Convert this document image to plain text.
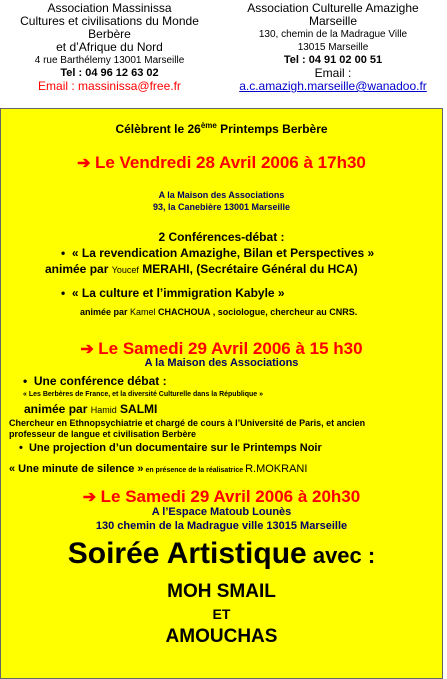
Association Massinissa
Cultures et civilisations du Monde
Berbère
et d’Afrique du Nord
4 rue Barthélemy 13001 Marseille
Tel : 04 96 12 63 02
Email : massinissa@free.fr
Association Culturelle Amazighe
Marseille
130, chemin de la Madrague Ville
13015 Marseille
Tel : 04 91 02 00 51
Email :
a.c.amazigh.marseille@wanadoo.fr
Célèbrent le 26ème Printemps Berbère
➔ Le Vendredi 28 Avril 2006 à 17h30
A la Maison des Associations
93, la Canebière 13001 Marseille
2 Conférences-débat :
• « La revendication Amazighe, Bilan et Perspectives »
animée par Youcef MERAHI, (Secrétaire Général du HCA)
• « La culture et l’immigration Kabyle »
animée par Kamel CHACHOUA , sociologue, chercheur au CNRS.
➔ Le Samedi 29 Avril 2006 à 15 h30
A la Maison des Associations
• Une conférence débat :
« Les Berbères de France, et la diversité Culturelle dans la République »
animée par Hamid SALMI
Chercheur en Ethnopsychiatrie et chargé de cours à l’Université de Paris, et ancien
professeur de langue et civilisation Berbère
• Une projection d’un documentaire sur le Printemps Noir
« Une minute de silence » en présence de la réalisatrice R.MOKRANI
➔ Le Samedi 29 Avril 2006 à 20h30
A l’Espace Matoub Lounès
130 chemin de la Madrague ville 13015 Marseille
Soirée Artistique avec :
MOH SMAIL
ET
AMOUCHAS
